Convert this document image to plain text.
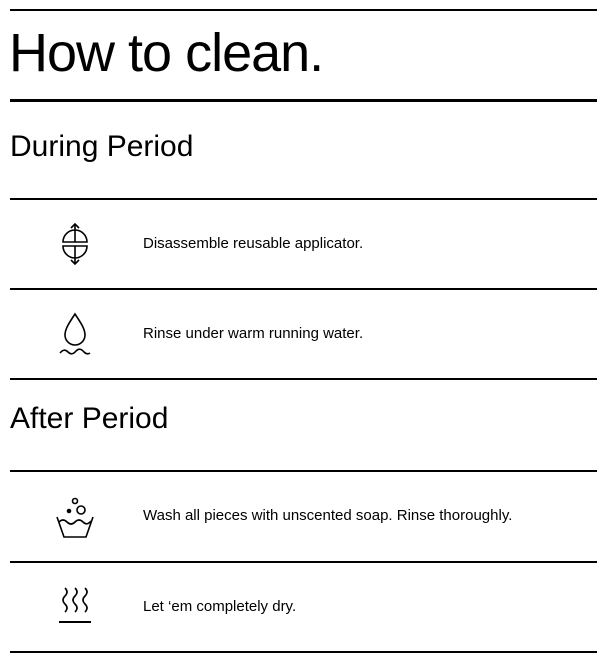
How to clean.
During Period
Disassemble reusable applicator.
Rinse under warm running water.
After Period
Wash all pieces with unscented soap. Rinse thoroughly.
Let ‘em completely dry.
